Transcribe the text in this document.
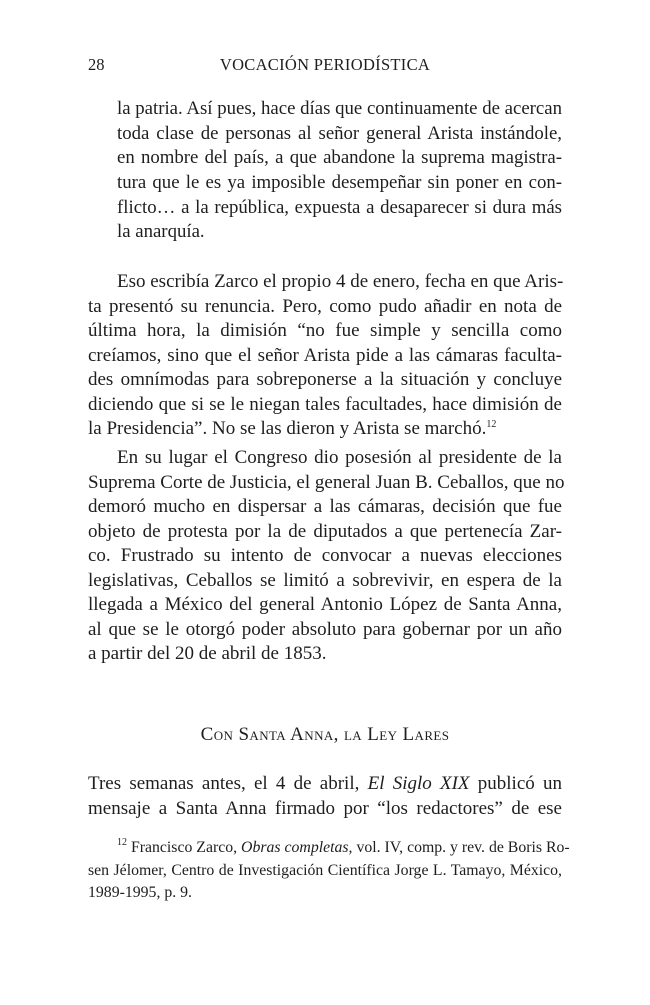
28	VOCACIÓN PERIODÍSTICA
la patria. Así pues, hace días que continuamente de acercan
toda clase de personas al señor general Arista instándole,
en nombre del país, a que abandone la suprema magistra-
tura que le es ya imposible desempeñar sin poner en con-
flicto… a la república, expuesta a desaparecer si dura más
la anarquía.
Eso escribía Zarco el propio 4 de enero, fecha en que Aris-
ta presentó su renuncia. Pero, como pudo añadir en nota de
última hora, la dimisión “no fue simple y sencilla como
creíamos, sino que el señor Arista pide a las cámaras faculta-
des omnímodas para sobreponerse a la situación y concluye
diciendo que si se le niegan tales facultades, hace dimisión de
la Presidencia”. No se las dieron y Arista se marchó.$^{12}$
En su lugar el Congreso dio posesión al presidente de la
Suprema Corte de Justicia, el general Juan B. Ceballos, que no
demoró mucho en dispersar a las cámaras, decisión que fue
objeto de protesta por la de diputados a que pertenecía Zar-
co. Frustrado su intento de convocar a nuevas elecciones
legislativas, Ceballos se limitó a sobrevivir, en espera de la
llegada a México del general Antonio López de Santa Anna,
al que se le otorgó poder absoluto para gobernar por un año
a partir del 20 de abril de 1853.
Con Santa Anna, la Ley Lares
Tres semanas antes, el 4 de abril, El Siglo XIX publicó un
mensaje a Santa Anna firmado por “los redactores” de ese
$^{12}$ Francisco Zarco, Obras completas, vol. IV, comp. y rev. de Boris Ro-
sen Jélomer, Centro de Investigación Científica Jorge L. Tamayo, México,
1989-1995, p. 9.
